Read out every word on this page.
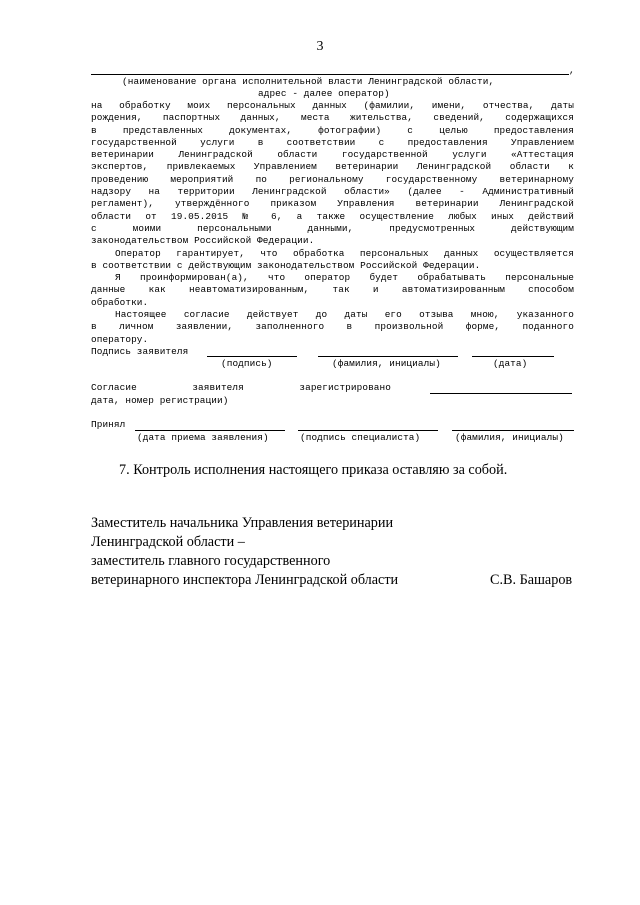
3
,
(наименование органа исполнительной власти Ленинградской области,
адрес - далее оператор)
на обработку моих персональных данных (фамилии, имени, отчества, даты
рождения, паспортных данных, места жительства, сведений, содержащихся
в представленных документах, фотографии) с целью предоставления
государственной услуги в соответствии с предоставления Управлением
ветеринарии Ленинградской области государственной услуги «Аттестация
экспертов, привлекаемых Управлением ветеринарии Ленинградской области к
проведению мероприятий по региональному государственному ветеринарному
надзору на территории Ленинградской области» (далее - Административный
регламент), утверждённого приказом Управления ветеринарии Ленинградской
области от 19.05.2015 № 6, а также осуществление любых иных действий
с моими персональными данными, предусмотренных действующим
законодательством Российской Федерации.
Оператор гарантирует, что обработка персональных данных осуществляется
в соответствии с действующим законодательством Российской Федерации.
Я проинформирован(а), что оператор будет обрабатывать персональные
данные как неавтоматизированным, так и автоматизированным способом
обработки.
Настоящее согласие действует до даты его отзыва мною, указанного
в личном заявлении, заполненного в произвольной форме, поданного
оператору.
Подпись заявителя
(подпись)	(фамилия, инициалы)	(дата)
Согласие заявителя зарегистрировано
дата, номер регистрации)
Принял
(дата приема заявления)	(подпись специалиста)	(фамилия, инициалы)
7. Контроль исполнения настоящего приказа оставляю за собой.
Заместитель начальника Управления ветеринарии
Ленинградской области –
заместитель главного государственного
ветеринарного инспектора Ленинградской области	С.В. Башаров
